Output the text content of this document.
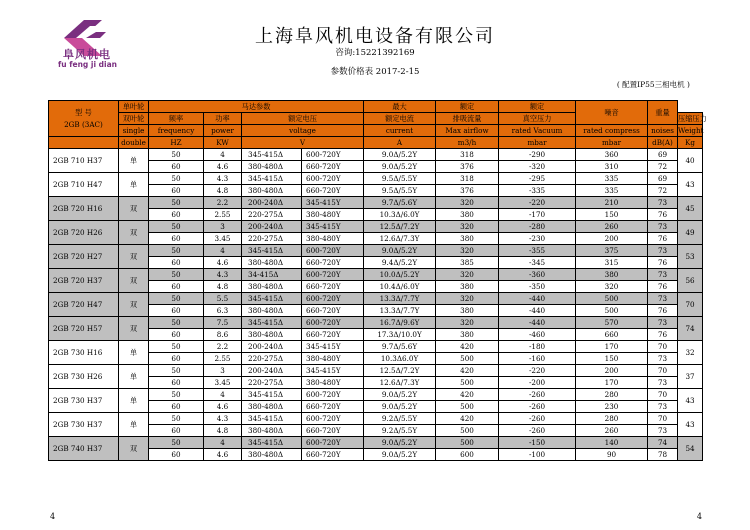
阜风机电
fu feng ji dian
上海阜风机电设备有限公司
咨询:15221392169
参数价格表 2017-2-15
( 配置IP55三相电机 )
型 号
2GB (3AC)	单叶轮	马达参数				最大	额定	额定	噪音	重量	
	双叶轮	频率	功率	额定电压		额定电流	排吸流量	真空压力			压缩压力
	single	frequency	power	voltage		current	Max airflow	rated Vacuum	rated compress	noises	Weight
	double	HZ	KW	V		A	m3/h	mbar	mbar	dB(A)	Kg
2GB 710 H37	单	50	4	345-415Δ	600-720Y	9.0Δ/5.2Y	318	-290	360	69	40
		60	4.6	380-480Δ	660-720Y	9.0Δ/5.2Y	376	-320	310	72	
2GB 710 H47	单	50	4.3	345-415Δ	600-720Y	9.5Δ/5.5Y	318	-295	335	69	43
		60	4.8	380-480Δ	660-720Y	9.5Δ/5.5Y	376	-335	335	72	
2GB 720 H16	双	50	2.2	200-240Δ	345-415Y	9.7Δ/5.6Y	320	-220	210	73	45
		60	2.55	220-275Δ	380-480Y	10.3Δ/6.0Y	380	-170	150	76	
2GB 720 H26	双	50	3	200-240Δ	345-415Y	12.5Δ/7.2Y	320	-280	260	73	49
		60	3.45	220-275Δ	380-480Y	12.6Δ/7.3Y	380	-230	200	76	
2GB 720 H27	双	50	4	345-415Δ	600-720Y	9.0Δ/5.2Y	320	-355	375	73	53
		60	4.6	380-480Δ	660-720Y	9.4Δ/5.2Y	385	-345	315	76	
2GB 720 H37	双	50	4.3	34-415Δ	600-720Y	10.0Δ/5.2Y	320	-360	380	73	56
		60	4.8	380-480Δ	660-720Y	10.4Δ/6.0Y	380	-350	320	76	
2GB 720 H47	双	50	5.5	345-415Δ	600-720Y	13.3Δ/7.7Y	320	-440	500	73	70
		60	6.3	380-480Δ	660-720Y	13.3Δ/7.7Y	380	-440	500	76	
2GB 720 H57	双	50	7.5	345-415Δ	600-720Y	16.7Δ/9.6Y	320	-440	570	73	74
		60	8.6	380-480Δ	660-720Y	17.3Δ/10.0Y	380	-460	660	76	
2GB 730 H16	单	50	2.2	200-240Δ	345-415Y	9.7Δ/5.6Y	420	-180	170	70	32
		60	2.55	220-275Δ	380-480Y	10.3Δ6.0Y	500	-160	150	73	
2GB 730 H26	单	50	3	200-240Δ	345-415Y	12.5Δ/7.2Y	420	-220	200	70	37
		60	3.45	220-275Δ	380-480Y	12.6Δ/7.3Y	500	-200	170	73	
2GB 730 H37	单	50	4	345-415Δ	600-720Y	9.0Δ/5.2Y	420	-260	280	70	43
		60	4.6	380-480Δ	660-720Y	9.0Δ/5.2Y	500	-260	230	73	
2GB 730 H37	单	50	4.3	345-415Δ	600-720Y	9.2Δ/5.5Y	420	-260	280	70	43
		60	4.8	380-480Δ	660-720Y	9.2Δ/5.5Y	500	-260	260	73	
2GB 740 H37	双	50	4	345-415Δ	600-720Y	9.0Δ/5.2Y	500	-150	140	74	54
		60	4.6	380-480Δ	660-720Y	9.0Δ/5.2Y	600	-100	90	78	
4	4
